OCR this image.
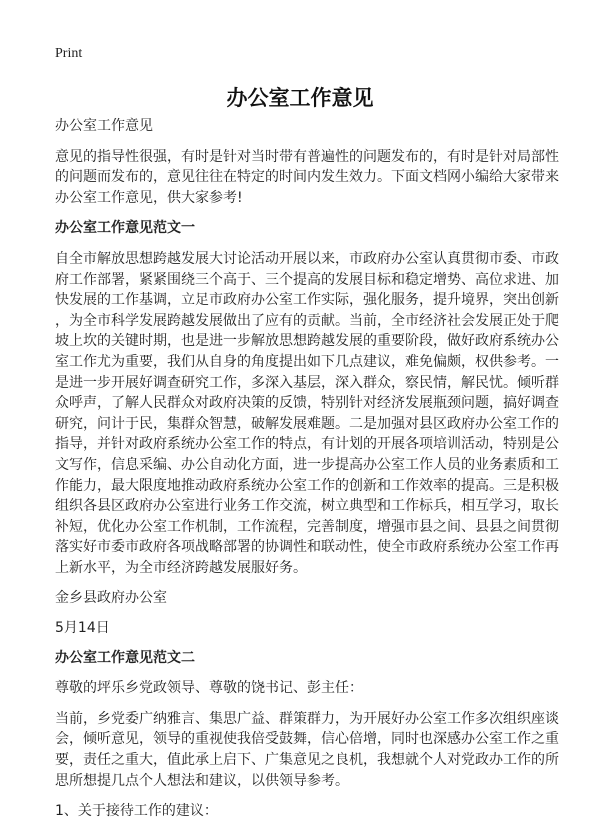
Print
办公室工作意见

办公室工作意见

意见的指导性很强，有时是针对当时带有普遍性的问题发布的，有时是针对局部性
的问题而发布的，意见往往在特定的时间内发生效力。下面文档网小编给大家带来
办公室工作意见，供大家参考!

办公室工作意见范文一

自全市解放思想跨越发展大讨论活动开展以来，市政府办公室认真贯彻市委、市政
府工作部署，紧紧围绕三个高于、三个提高的发展目标和稳定增势、高位求进、加
快发展的工作基调，立足市政府办公室工作实际，强化服务，提升境界，突出创新
，为全市科学发展跨越发展做出了应有的贡献。当前，全市经济社会发展正处于爬
坡上坎的关键时期，也是进一步解放思想跨越发展的重要阶段，做好政府系统办公
室工作尤为重要，我们从自身的角度提出如下几点建议，难免偏颇，权供参考。一
是进一步开展好调查研究工作，多深入基层，深入群众，察民情，解民忧。倾听群
众呼声，了解人民群众对政府决策的反馈，特别针对经济发展瓶颈问题，搞好调查
研究，问计于民，集群众智慧，破解发展难题。二是加强对县区政府办公室工作的
指导，并针对政府系统办公室工作的特点，有计划的开展各项培训活动，特别是公
文写作，信息采编、办公自动化方面，进一步提高办公室工作人员的业务素质和工
作能力，最大限度地推动政府系统办公室工作的创新和工作效率的提高。三是积极
组织各县区政府办公室进行业务工作交流，树立典型和工作标兵，相互学习，取长
补短，优化办公室工作机制，工作流程，完善制度，增强市县之间、县县之间贯彻
落实好市委市政府各项战略部署的协调性和联动性，使全市政府系统办公室工作再
上新水平，为全市经济跨越发展服好务。

金乡县政府办公室

5月14日

办公室工作意见范文二

尊敬的坪乐乡党政领导、尊敬的饶书记、彭主任：

当前，乡党委广纳雅言、集思广益、群策群力，为开展好办公室工作多次组织座谈
会，倾听意见，领导的重视使我倍受鼓舞，信心倍增，同时也深感办公室工作之重
要，责任之重大，值此承上启下、广集意见之良机，我想就个人对党政办工作的所
思所想提几点个人想法和建议，以供领导参考。

1、关于接待工作的建议：
